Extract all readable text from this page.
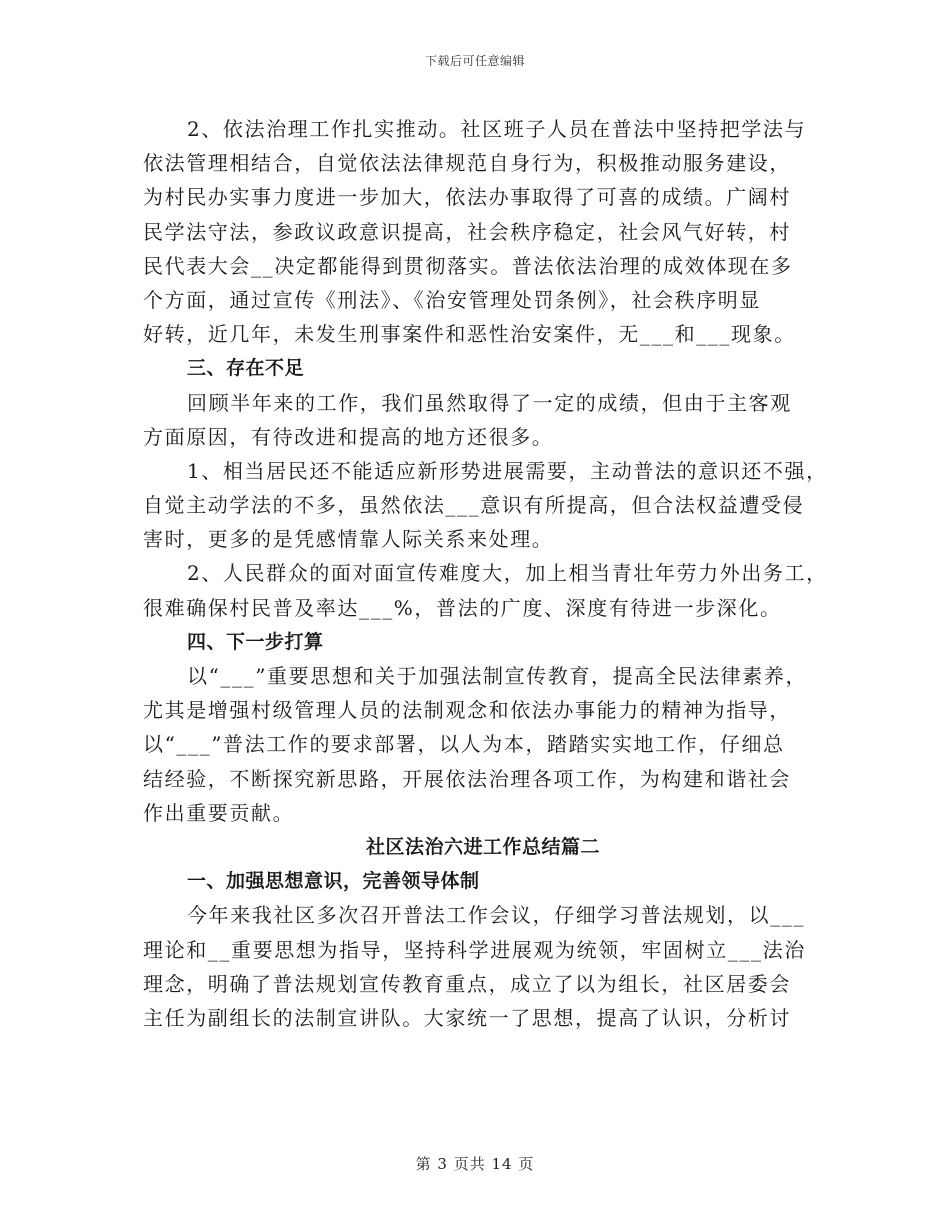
下载后可任意编辑
2、依法治理工作扎实推动。社区班子人员在普法中坚持把学法与
依法管理相结合，自觉依法法律规范自身行为，积极推动服务建设，
为村民办实事力度进一步加大，依法办事取得了可喜的成绩。广阔村
民学法守法，参政议政意识提高，社会秩序稳定，社会风气好转，村
民代表大会__决定都能得到贯彻落实。普法依法治理的成效体现在多
个方面，通过宣传《刑法》、《治安管理处罚条例》，社会秩序明显
好转，近几年，未发生刑事案件和恶性治安案件，无___和___现象。
三、存在不足
回顾半年来的工作，我们虽然取得了一定的成绩，但由于主客观
方面原因，有待改进和提高的地方还很多。
1、相当居民还不能适应新形势进展需要，主动普法的意识还不强，
自觉主动学法的不多，虽然依法___意识有所提高，但合法权益遭受侵
害时，更多的是凭感情靠人际关系来处理。
2、人民群众的面对面宣传难度大，加上相当青壮年劳力外出务工，
很难确保村民普及率达___%，普法的广度、深度有待进一步深化。
四、下一步打算
以“___”重要思想和关于加强法制宣传教育，提高全民法律素养，
尤其是增强村级管理人员的法制观念和依法办事能力的精神为指导，
以“___”普法工作的要求部署，以人为本，踏踏实实地工作，仔细总
结经验，不断探究新思路，开展依法治理各项工作，为构建和谐社会
作出重要贡献。
社区法治六进工作总结篇二
一、加强思想意识，完善领导体制
今年来我社区多次召开普法工作会议，仔细学习普法规划，以___
理论和__重要思想为指导，坚持科学进展观为统领，牢固树立___法治
理念，明确了普法规划宣传教育重点，成立了以为组长，社区居委会
主任为副组长的法制宣讲队。大家统一了思想，提高了认识，分析讨
第 3 页共 14 页
